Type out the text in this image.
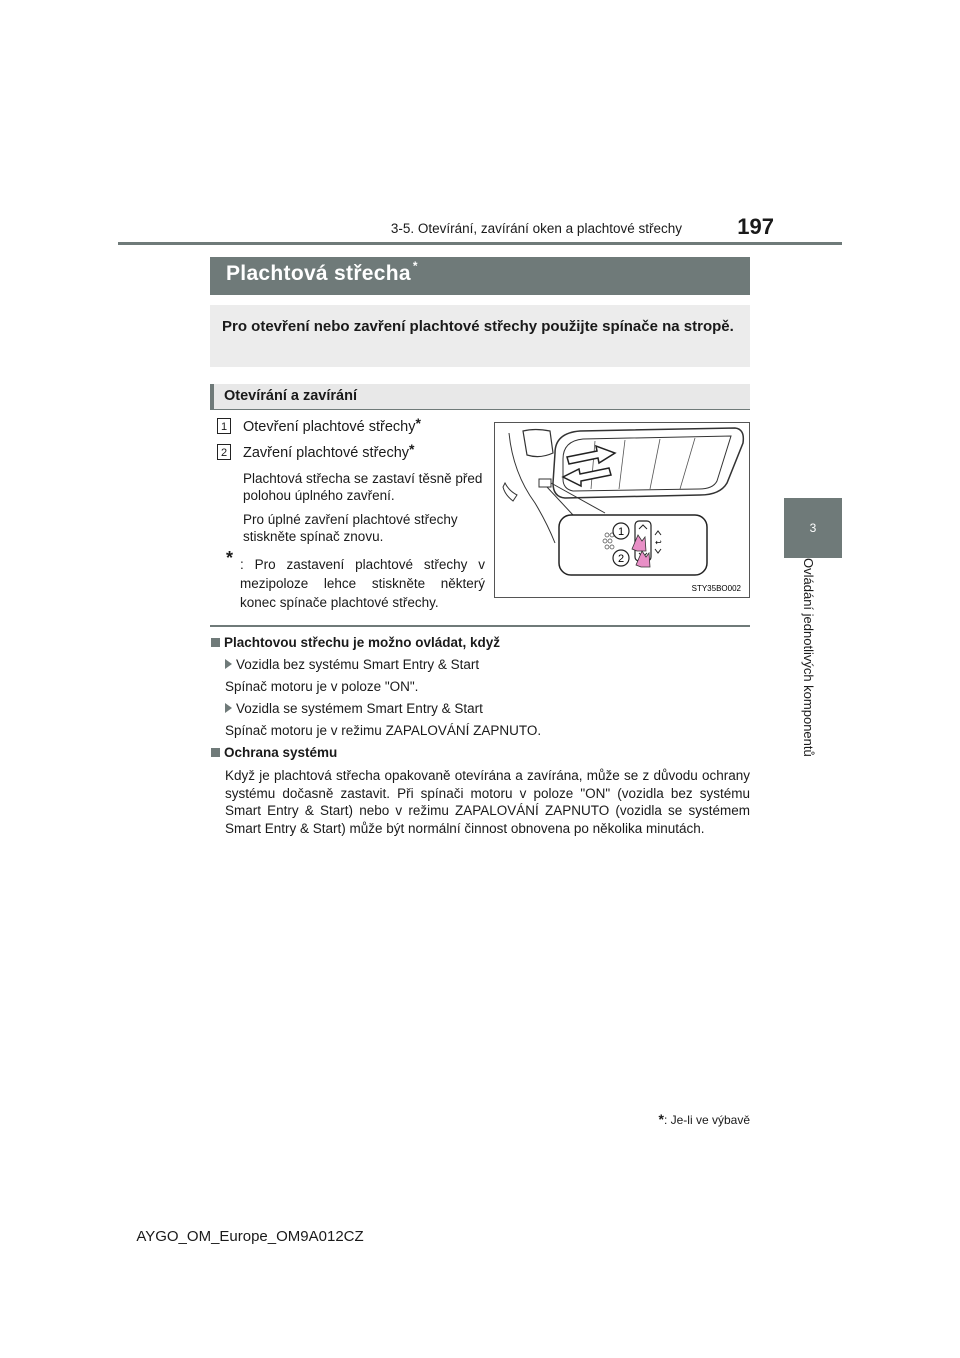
3-5. Otevírání, zavírání oken a plachtové střechy	197
3
Ovládání jednotlivých komponentů
Plachtová střecha *
Pro otevření nebo zavření plachtové střechy použijte spínače na stropě.
Otevírání a zavírání
1 Otevření plachtové střechy*
2 Zavření plachtové střechy*
Plachtová střecha se zastaví těsně před polohou úplného zavření.
Pro úplné zavření plachtové střechy stiskněte spínač znovu.
* : Pro zastavení plachtové střechy v mezipoloze lehce stiskněte některý konec spínače plachtové střechy.
1
2
↩
STY35BO002
Plachtovou střechu je možno ovládat, když
Vozidla bez systému Smart Entry & Start
Spínač motoru je v poloze "ON".
Vozidla se systémem Smart Entry & Start
Spínač motoru je v režimu ZAPALOVÁNÍ ZAPNUTO.
Ochrana systému
Když je plachtová střecha opakovaně otevírána a zavírána, může se z důvodu ochrany systému dočasně zastavit. Při spínači motoru v poloze "ON" (vozidla bez systému Smart Entry & Start) nebo v režimu ZAPALOVÁNÍ ZAPNUTO (vozidla se systémem Smart Entry & Start) může být normální činnost obnovena po několika minutách.
*: Je-li ve výbavě
AYGO_OM_Europe_OM9A012CZ
